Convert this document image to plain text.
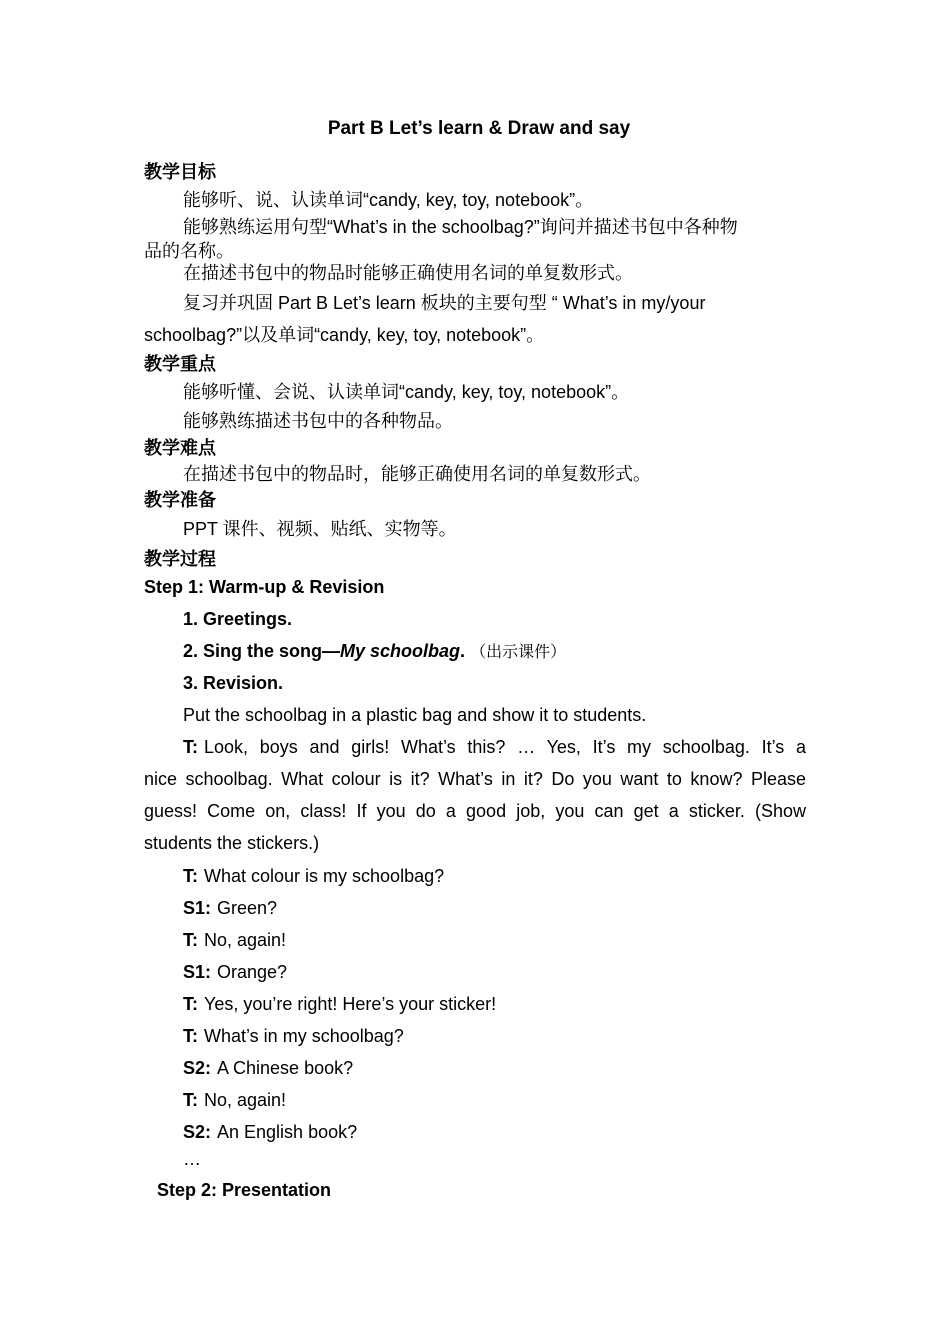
Part B Let’s learn & Draw and say
教学目标
能够听、说、认读单词“candy, key, toy, notebook”。
能够熟练运用句型“What’s in the schoolbag?”询问并描述书包中各种物
品的名称。
在描述书包中的物品时能够正确使用名词的单复数形式。
复习并巩固 Part B Let’s learn 板块的主要句型 “ What’s in my/your
schoolbag?”以及单词“candy, key, toy, notebook”。
教学重点
能够听懂、会说、认读单词“candy, key, toy, notebook”。
能够熟练描述书包中的各种物品。
教学难点
在描述书包中的物品时，能够正确使用名词的单复数形式。
教学准备
PPT 课件、视频、贴纸、实物等。
教学过程
Step 1: Warm-up & Revision
1. Greetings.
2. Sing the song—My schoolbag. （出示课件）
3. Revision.
Put the schoolbag in a plastic bag and show it to students.
T: Look, boys and girls! What’s this? … Yes, It’s my schoolbag. It’s a
nice schoolbag. What colour is it? What’s in it? Do you want to know? Please
guess! Come on, class! If you do a good job, you can get a sticker. (Show
students the stickers.)
T: What colour is my schoolbag?
S1: Green?
T: No, again!
S1: Orange?
T: Yes, you’re right! Here’s your sticker!
T: What’s in my schoolbag?
S2: A Chinese book?
T: No, again!
S2: An English book?
…
Step 2: Presentation
